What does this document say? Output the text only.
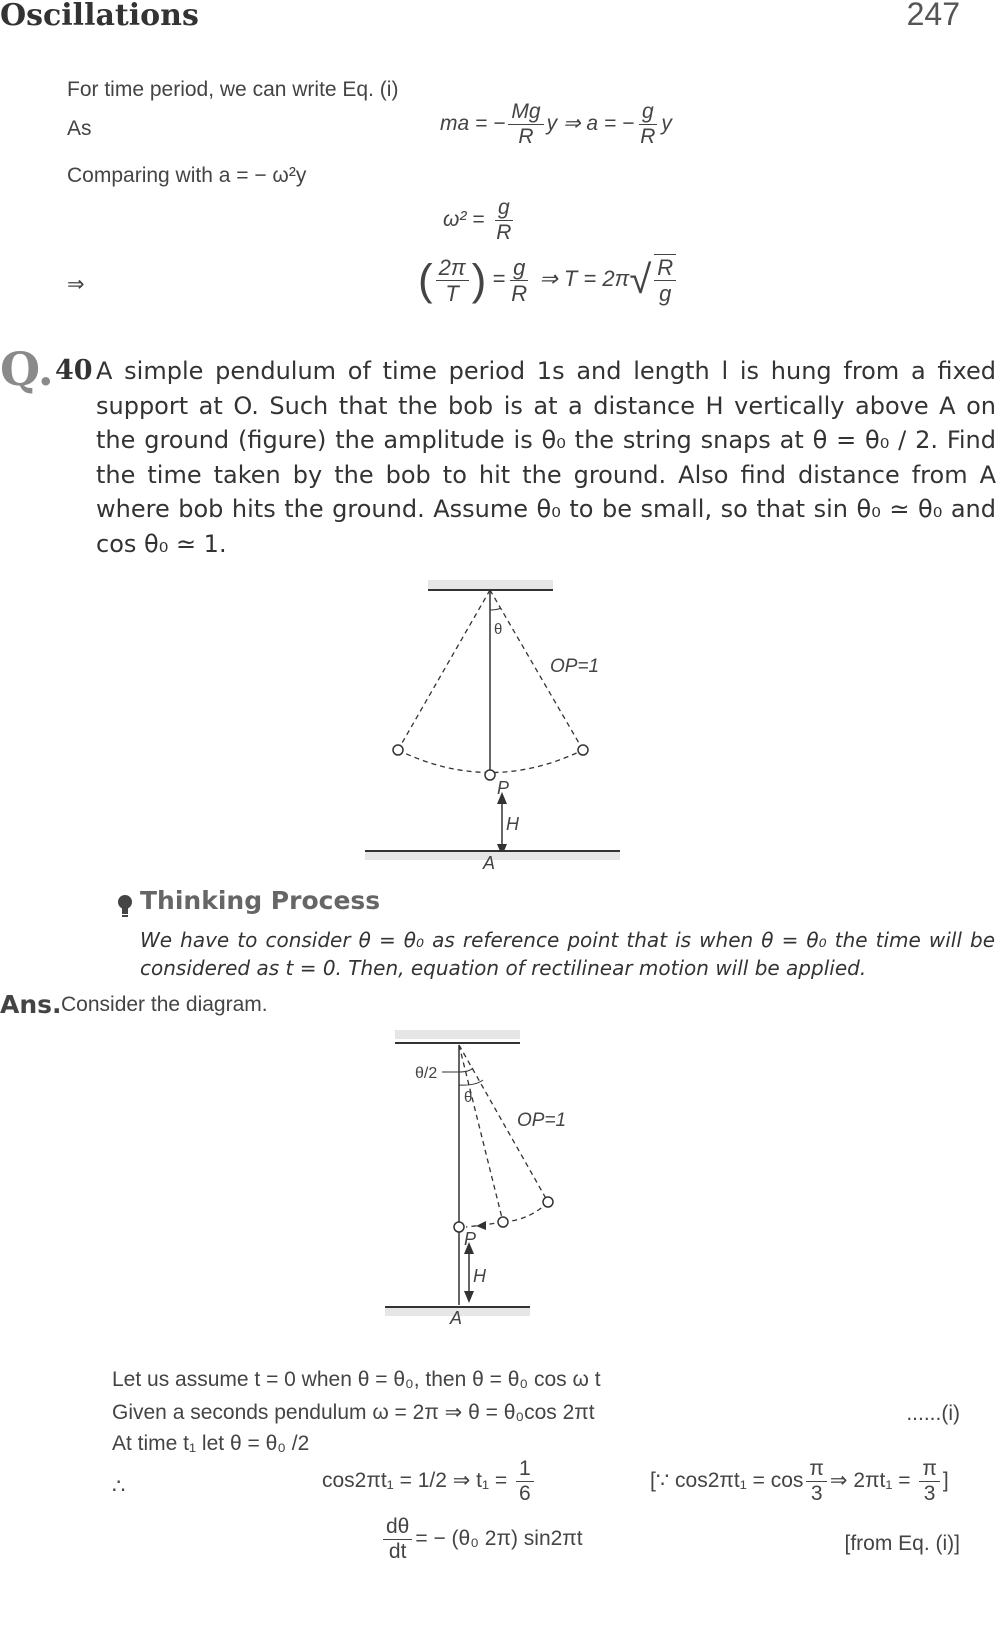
Oscillations	247
For time period, we can write Eq. (i)
As	ma = − $\frac{Mg}{R}$ y ⇒ a = − $\frac{g}{R}$ y
Comparing with a = − ω²y
$\omega^2 = \frac{g}{R}$
⇒	( $\frac{2\pi}{T}$ ) = $\frac{g}{R}$ ⇒ $T = 2\pi√ \frac{R}{g}$
Q. 40 A simple pendulum of time period 1s and length l is hung from a fixed support at O. Such that the bob is at a distance H vertically above A on the ground (figure) the amplitude is θ₀ the string snaps at θ = θ₀ / 2. Find the time taken by the bob to hit the ground. Also find distance from A where bob hits the ground. Assume θ₀ to be small, so that sin θ₀ ≃ θ₀ and cos θ₀ ≃ 1.
θ
OP=1
P
H
A
Thinking Process
We have to consider θ = θ₀ as reference point that is when θ = θ₀ the time will be considered as t = 0. Then, equation of rectilinear motion will be applied.
Ans. Consider the diagram.
θ/2
θ
OP=1
P
H
A
Let us assume t = 0 when θ = θ₀, then θ = θ₀ cos ω t
Given a seconds pendulum ω = 2π ⇒ θ = θ₀cos 2πt	......(i)
At time t₁ let θ = θ₀ /2
∴	cos2πt₁ = 1/2 ⇒ $t_1 = \frac{1}{6}$	[∵ $\cos 2\pi t_1 = \cos \frac{\pi}{3}$ ⇒ $2\pi t_1 = \frac{\pi}{3}$ ]
$\frac{d\theta}{dt}$ = − (θ₀ 2π) sin2πt	[from Eq. (i)]
